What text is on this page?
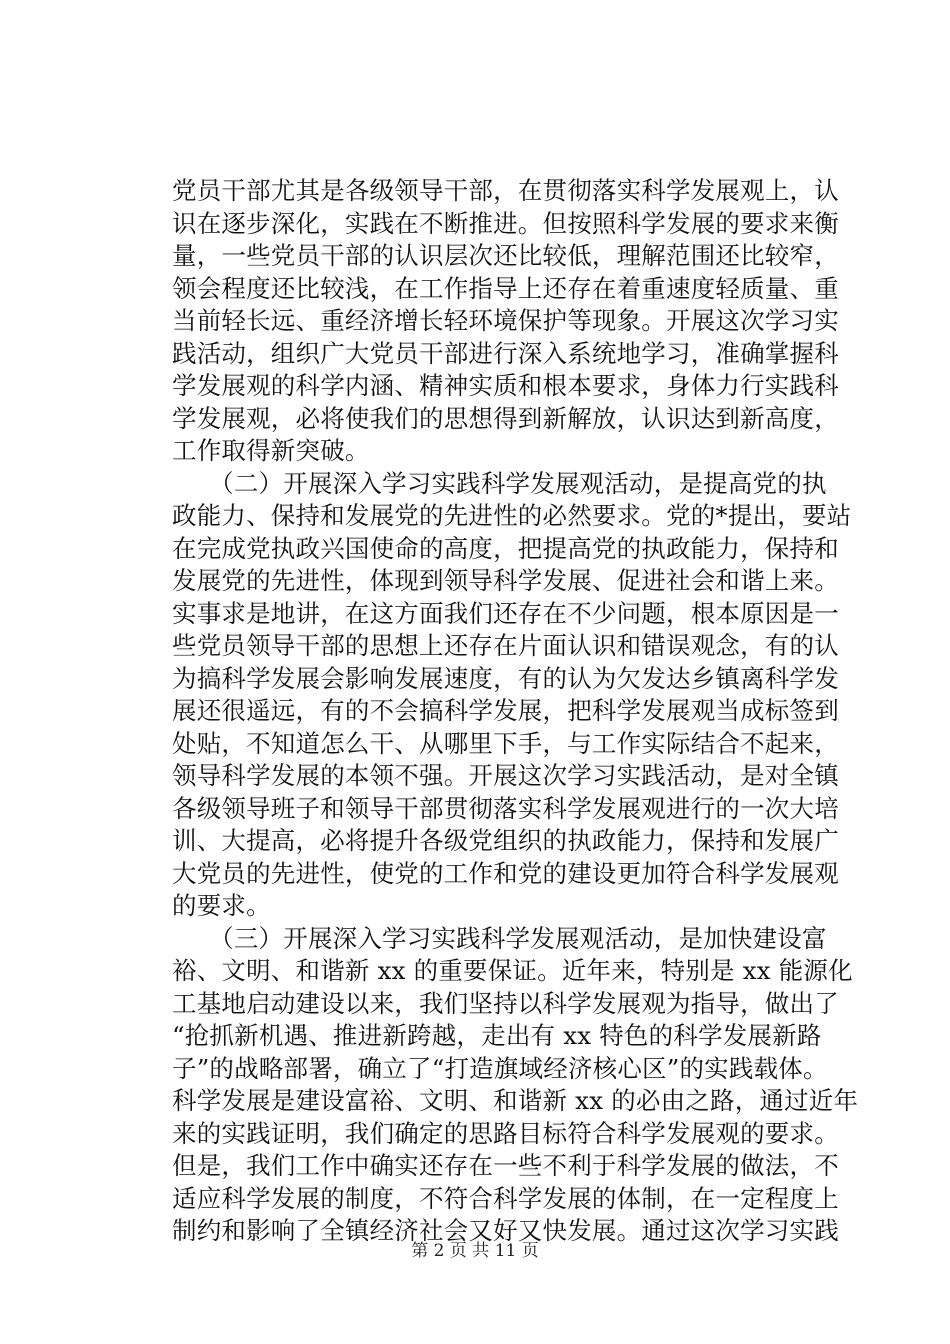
党员干部尤其是各级领导干部，在贯彻落实科学发展观上，认
识在逐步深化，实践在不断推进。但按照科学发展的要求来衡
量，一些党员干部的认识层次还比较低，理解范围还比较窄，
领会程度还比较浅，在工作指导上还存在着重速度轻质量、重
当前轻长远、重经济增长轻环境保护等现象。开展这次学习实
践活动，组织广大党员干部进行深入系统地学习，准确掌握科
学发展观的科学内涵、精神实质和根本要求，身体力行实践科
学发展观，必将使我们的思想得到新解放，认识达到新高度，
工作取得新突破。
　　（二）开展深入学习实践科学发展观活动，是提高党的执
政能力、保持和发展党的先进性的必然要求。党的*提出，要站
在完成党执政兴国使命的高度，把提高党的执政能力，保持和
发展党的先进性，体现到领导科学发展、促进社会和谐上来。
实事求是地讲，在这方面我们还存在不少问题，根本原因是一
些党员领导干部的思想上还存在片面认识和错误观念，有的认
为搞科学发展会影响发展速度，有的认为欠发达乡镇离科学发
展还很遥远，有的不会搞科学发展，把科学发展观当成标签到
处贴，不知道怎么干、从哪里下手，与工作实际结合不起来，
领导科学发展的本领不强。开展这次学习实践活动，是对全镇
各级领导班子和领导干部贯彻落实科学发展观进行的一次大培
训、大提高，必将提升各级党组织的执政能力，保持和发展广
大党员的先进性，使党的工作和党的建设更加符合科学发展观
的要求。
　　（三）开展深入学习实践科学发展观活动，是加快建设富
裕、文明、和谐新 xx 的重要保证。近年来，特别是 xx 能源化
工基地启动建设以来，我们坚持以科学发展观为指导，做出了
“抢抓新机遇、推进新跨越，走出有 xx 特色的科学发展新路
子”的战略部署，确立了“打造旗域经济核心区”的实践载体。
科学发展是建设富裕、文明、和谐新 xx 的必由之路，通过近年
来的实践证明，我们确定的思路目标符合科学发展观的要求。
但是，我们工作中确实还存在一些不利于科学发展的做法，不
适应科学发展的制度，不符合科学发展的体制，在一定程度上
制约和影响了全镇经济社会又好又快发展。通过这次学习实践
第 2 页 共 11 页
